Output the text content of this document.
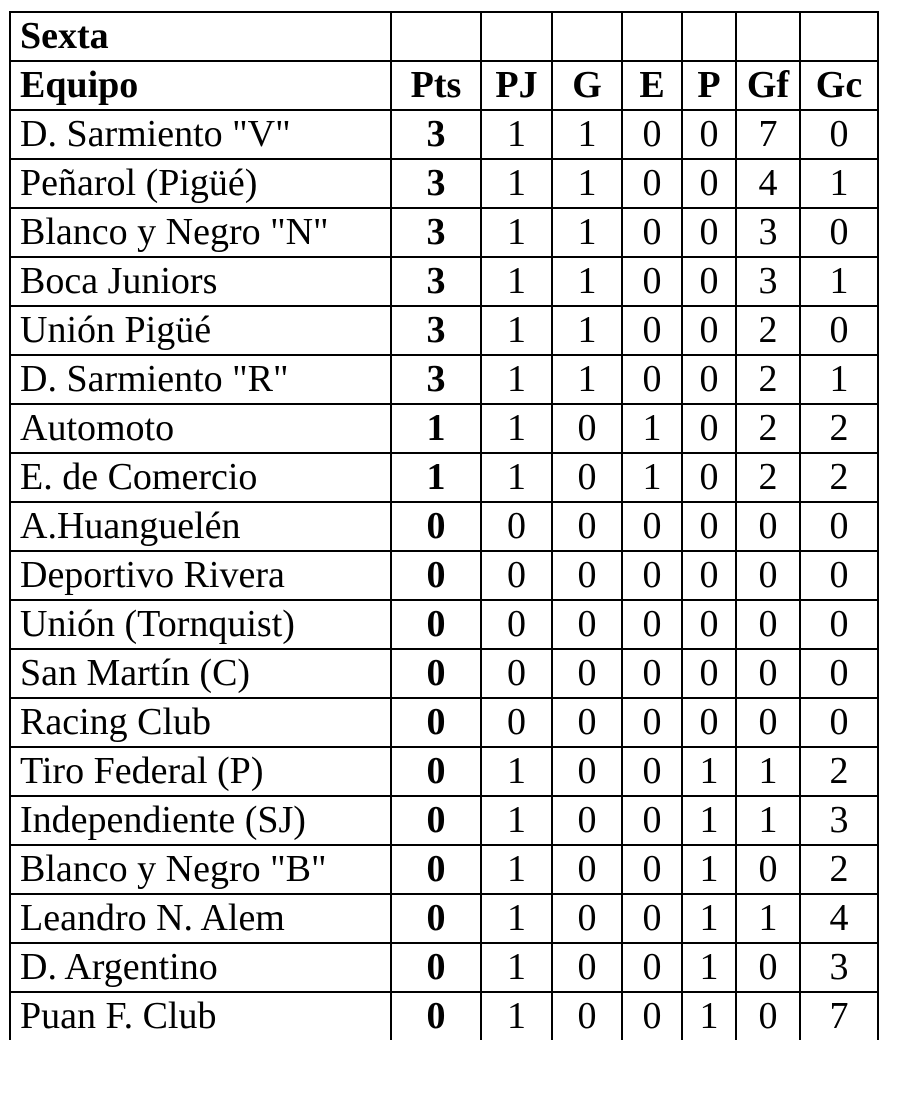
Sexta							
Equipo	Pts	PJ	G	E	P	Gf	Gc
D. Sarmiento "V"	3	1	1	0	0	7	0
Peñarol (Pigüé)	3	1	1	0	0	4	1
Blanco y Negro "N"	3	1	1	0	0	3	0
Boca Juniors	3	1	1	0	0	3	1
Unión Pigüé	3	1	1	0	0	2	0
D. Sarmiento "R"	3	1	1	0	0	2	1
Automoto	1	1	0	1	0	2	2
E. de Comercio	1	1	0	1	0	2	2
A.Huanguelén	0	0	0	0	0	0	0
Deportivo Rivera	0	0	0	0	0	0	0
Unión (Tornquist)	0	0	0	0	0	0	0
San Martín (C)	0	0	0	0	0	0	0
Racing Club	0	0	0	0	0	0	0
Tiro Federal (P)	0	1	0	0	1	1	2
Independiente (SJ)	0	1	0	0	1	1	3
Blanco y Negro "B"	0	1	0	0	1	0	2
Leandro N. Alem	0	1	0	0	1	1	4
D. Argentino	0	1	0	0	1	0	3
Puan F. Club	0	1	0	0	1	0	7
